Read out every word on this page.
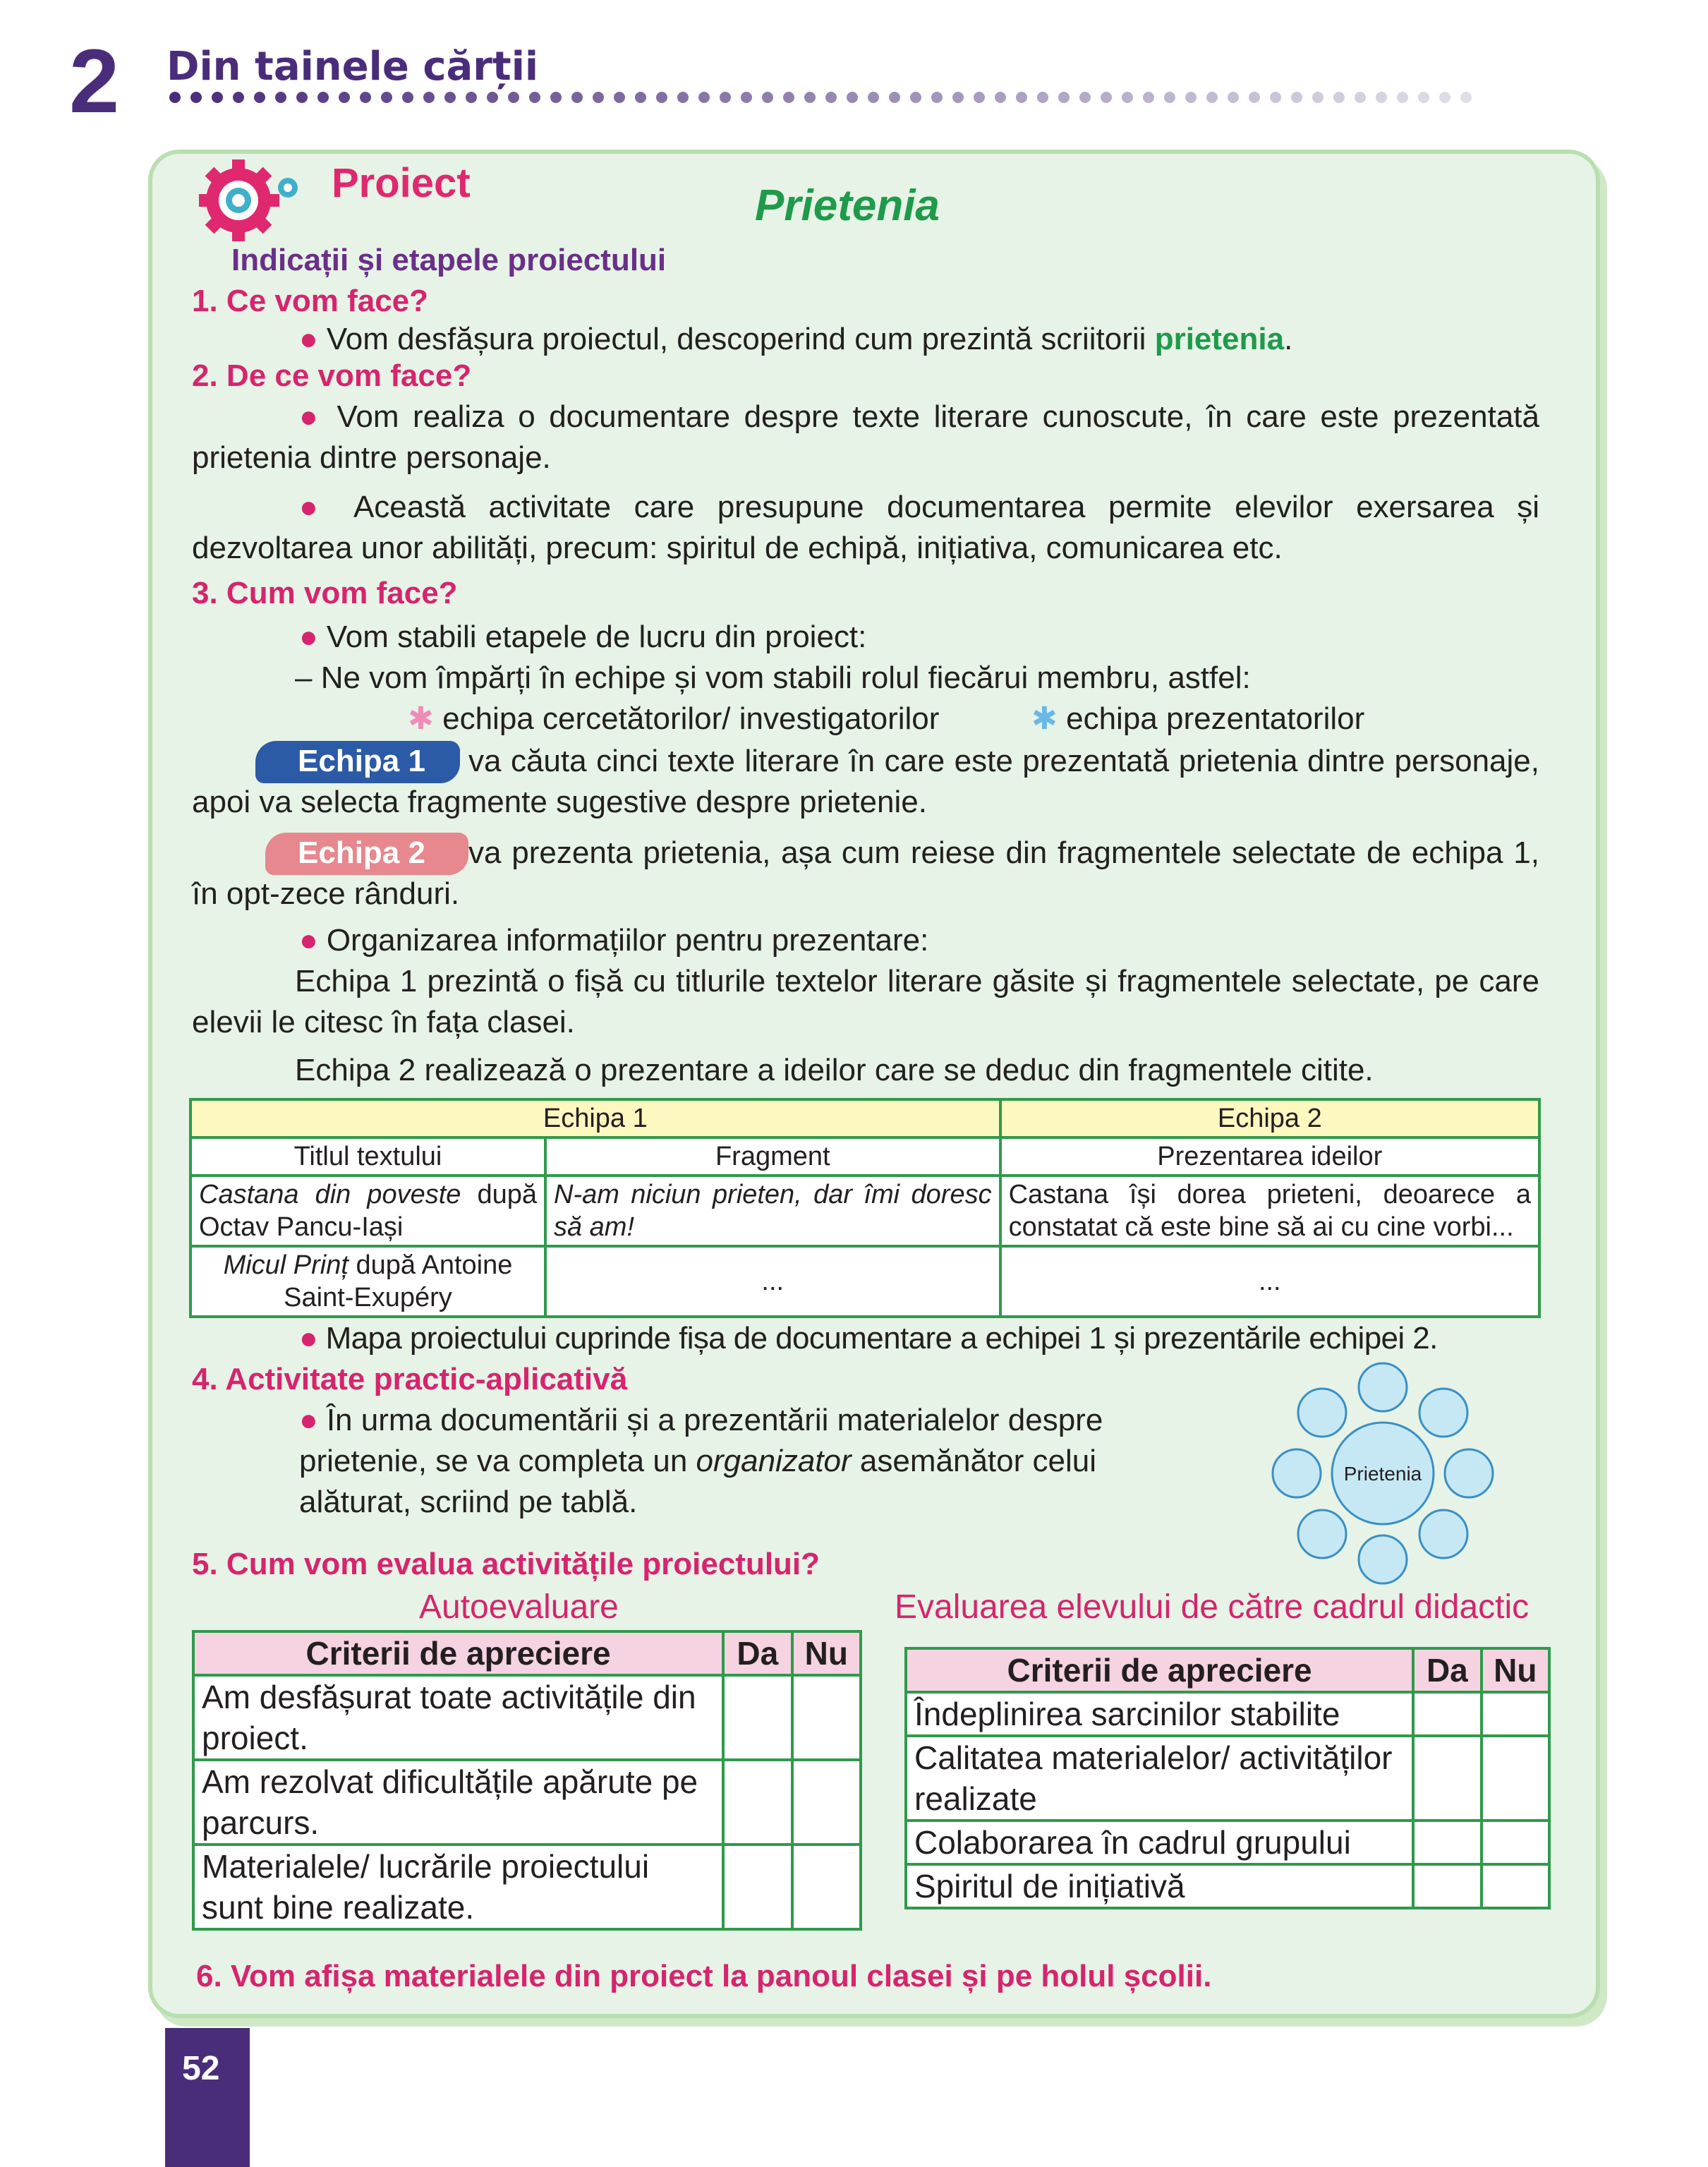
2 Din tainele cărții
Proiect	Prietenia
Indicații și etapele proiectului
1. Ce vom face?
● Vom desfășura proiectul, descoperind cum prezintă scriitorii prietenia.
2. De ce vom face?
● Vom realiza o documentare despre texte literare cunoscute, în care este prezentată prietenia dintre personaje.
● Această activitate care presupune documentarea permite elevilor exersarea și dezvoltarea unor abilități, precum: spiritul de echipă, inițiativa, comunicarea etc.
3. Cum vom face?
● Vom stabili etapele de lucru din proiect:
– Ne vom împărți în echipe și vom stabili rolul fiecărui membru, astfel:
✱ echipa cercetătorilor/ investigatorilor	✱ echipa prezentatorilor
Echipa 1	va căuta cinci texte literare în care este prezentată prietenia dintre personaje, apoi va selecta fragmente sugestive despre prietenie.
Echipa 2	va prezenta prietenia, așa cum reiese din fragmentele selectate de echipa 1, în opt-zece rânduri.
● Organizarea informațiilor pentru prezentare:
Echipa 1 prezintă o fișă cu titlurile textelor literare găsite și fragmentele selectate, pe care elevii le citesc în fața clasei.
Echipa 2 realizează o prezentare a ideilor care se deduc din fragmentele citite.
Echipa 1		Echipa 2
Titlul textului	Fragment	Prezentarea ideilor
Castana din poveste după Octav Pancu-Iași	N-am niciun prieten, dar îmi doresc să am!	Castana își dorea prieteni, deoarece a constatat că este bine să ai cu cine vorbi...
Micul Prinț după Antoine Saint-Exupéry	...	...
● Mapa proiectului cuprinde fișa de documentare a echipei 1 și prezentările echipei 2.
4. Activitate practic-aplicativă
● În urma documentării și a prezentării materialelor despre prietenie, se va completa un organizator asemănător celui alăturat, scriind pe tablă.
Prietenia
5. Cum vom evalua activitățile proiectului?
Autoevaluare	Evaluarea elevului de către cadrul didactic
Criterii de apreciere	Da	Nu
Am desfășurat toate activitățile din proiect.		
Am rezolvat dificultățile apărute pe parcurs.		
Materialele/ lucrările proiectului sunt bine realizate.		
Criterii de apreciere	Da	Nu
Îndeplinirea sarcinilor stabilite		
Calitatea materialelor/ activităților realizate		
Colaborarea în cadrul grupului		
Spiritul de inițiativă		
6. Vom afișa materialele din proiect la panoul clasei și pe holul școlii.
52
